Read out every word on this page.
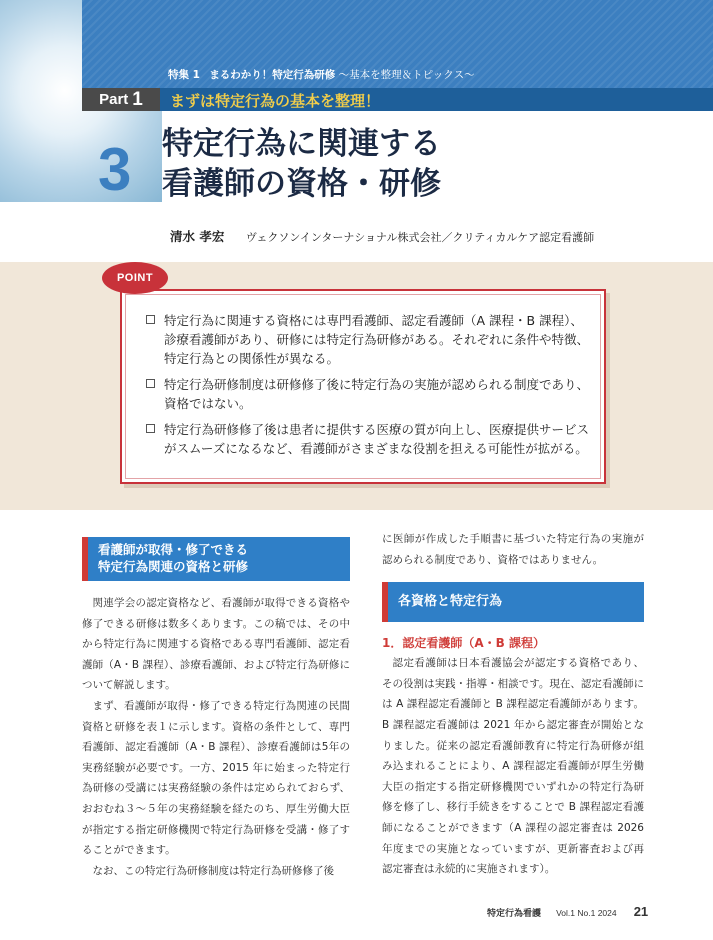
特集 1 まるわかり！特定行為研修 ～基本を整理＆トピックス～
Part 1 まずは特定行為の基本を整理！
3 特定行為に関連する
看護師の資格・研修
清水 孝宏 ヴェクソンインターナショナル株式会社／クリティカルケア認定看護師
POINT
特定行為に関連する資格には専門看護師、認定看護師（A 課程・B 課程）、診療看護師があり、研修には特定行為研修がある。それぞれに条件や特徴、特定行為との関係性が異なる。
特定行為研修制度は研修修了後に特定行為の実施が認められる制度であり、資格ではない。
特定行為研修修了後は患者に提供する医療の質が向上し、医療提供サービスがスムーズになるなど、看護師がさまざまな役割を担える可能性が拡がる。
看護師が取得・修了できる
特定行為関連の資格と研修

関連学会の認定資格など、看護師が取得できる資格や修了できる研修は数多くあります。この稿では、その中から特定行為に関連する資格である専門看護師、認定看護師（A・B 課程）、診療看護師、および特定行為研修について解説します。

まず、看護師が取得・修了できる特定行為関連の民間資格と研修を表１に示します。資格の条件として、専門看護師、認定看護師（A・B 課程）、診療看護師は5年の実務経験が必要です。一方、2015 年に始まった特定行為研修の受講には実務経験の条件は定められておらず、おおむね３～５年の実務経験を経たのち、厚生労働大臣が指定する指定研修機関で特定行為研修を受講・修了することができます。

なお、この特定行為研修制度は特定行為研修修了後

に医師が作成した手順書に基づいた特定行為の実施が認められる制度であり、資格ではありません。

各資格と特定行為
1．認定看護師（A・B 課程）

認定看護師は日本看護協会が認定する資格であり、その役割は実践・指導・相談です。現在、認定看護師には A 課程認定看護師と B 課程認定看護師があります。B 課程認定看護師は 2021 年から認定審査が開始となりました。従来の認定看護師教育に特定行為研修が組み込まれることにより、A 課程認定看護師が厚生労働大臣の指定する指定研修機関でいずれかの特定行為研修を修了し、移行手続きをすることで B 課程認定看護師になることができます（A 課程の認定審査は 2026 年度までの実施となっていますが、更新審査および再認定審査は永続的に実施されます）。

特定行為看護 Vol.1 No.1 2024 21
